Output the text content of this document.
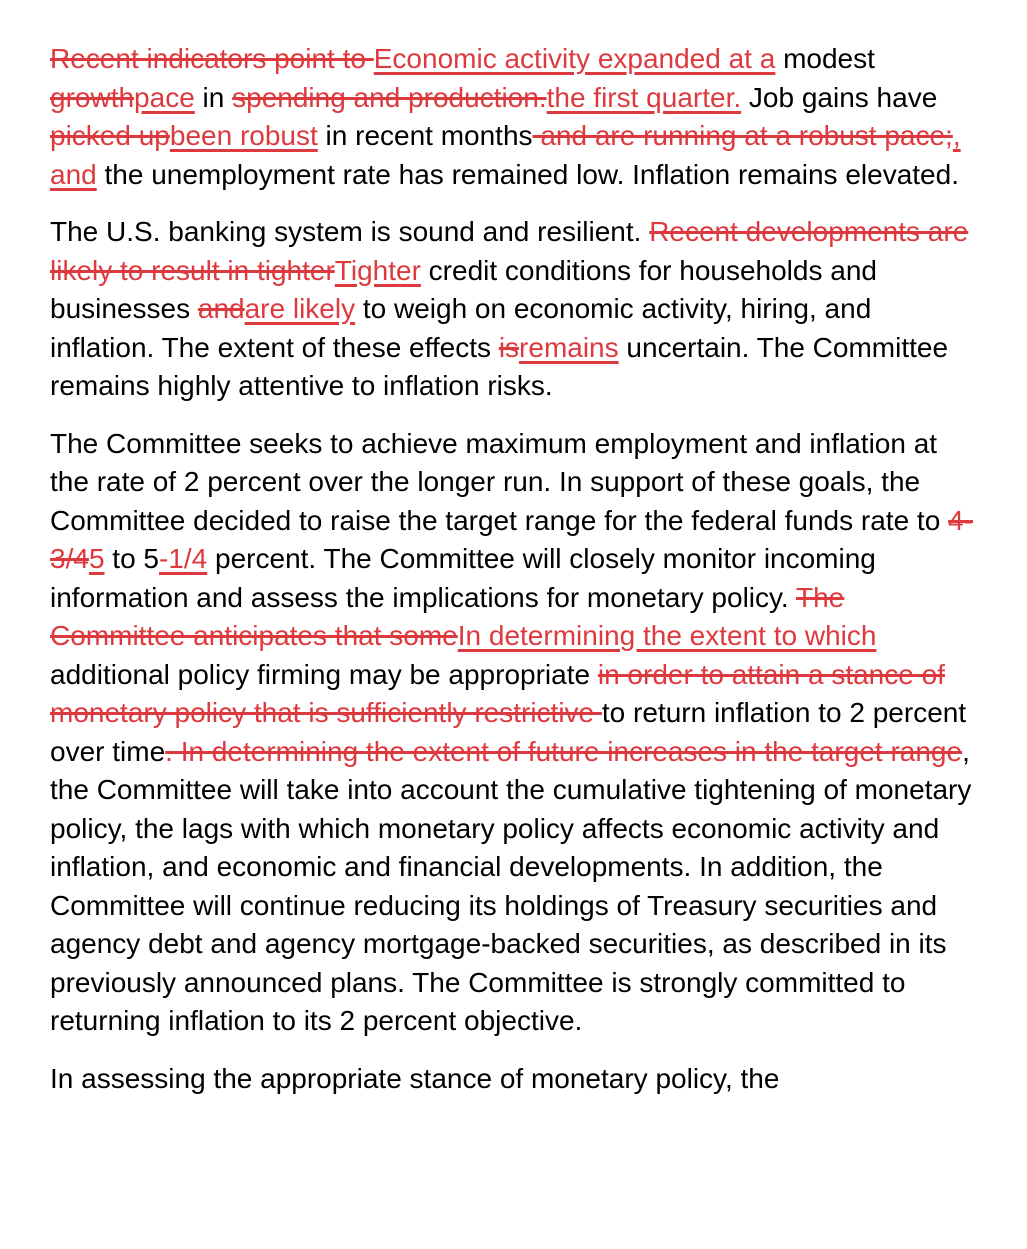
Recent indicators point to Economic activity expanded at a modest growthpace in spending and production.the first quarter. Job gains have picked upbeen robust in recent months and are running at a robust pace;, and the unemployment rate has remained low. Inflation remains elevated.

The U.S. banking system is sound and resilient. Recent developments are likely to result in tighterTighter credit conditions for households and businesses andare likely to weigh on economic activity, hiring, and inflation. The extent of these effects isremains uncertain. The Committee remains highly attentive to inflation risks.

The Committee seeks to achieve maximum employment and inflation at the rate of 2 percent over the longer run. In support of these goals, the Committee decided to raise the target range for the federal funds rate to 4-3/45 to 5-1/4 percent. The Committee will closely monitor incoming information and assess the implications for monetary policy. The Committee anticipates that someIn determining the extent to which additional policy firming may be appropriate in order to attain a stance of monetary policy that is sufficiently restrictive to return inflation to 2 percent over time. In determining the extent of future increases in the target range, the Committee will take into account the cumulative tightening of monetary policy, the lags with which monetary policy affects economic activity and inflation, and economic and financial developments. In addition, the Committee will continue reducing its holdings of Treasury securities and agency debt and agency mortgage-backed securities, as described in its previously announced plans. The Committee is strongly committed to returning inflation to its 2 percent objective.

In assessing the appropriate stance of monetary policy, the
